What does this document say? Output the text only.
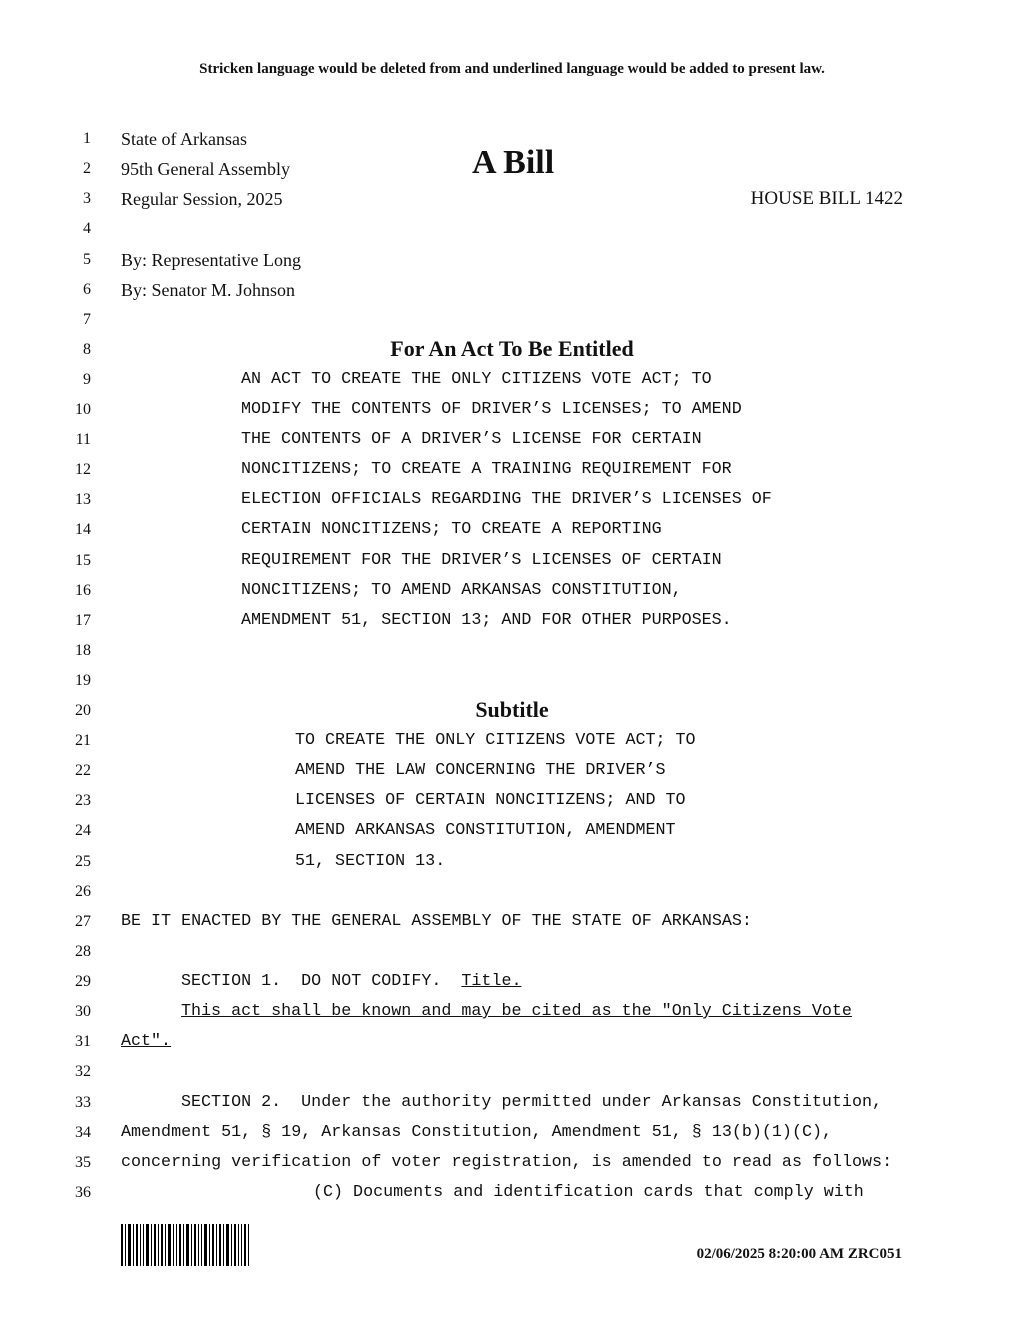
Stricken language would be deleted from and underlined language would be added to present law.
1
2
3
4
5
6
7
8
9
10
11
12
13
14
15
16
17
18
19
20
21
22
23
24
25
26
27
28
29
30
31
32
33
34
35
36
State of Arkansas
95th General Assembly
Regular Session, 2025
A Bill
HOUSE BILL 1422
By: Representative Long
By: Senator M. Johnson
For An Act To Be Entitled
AN ACT TO CREATE THE ONLY CITIZENS VOTE ACT; TO
MODIFY THE CONTENTS OF DRIVER’S LICENSES; TO AMEND
THE CONTENTS OF A DRIVER’S LICENSE FOR CERTAIN
NONCITIZENS; TO CREATE A TRAINING REQUIREMENT FOR
ELECTION OFFICIALS REGARDING THE DRIVER’S LICENSES OF
CERTAIN NONCITIZENS; TO CREATE A REPORTING
REQUIREMENT FOR THE DRIVER’S LICENSES OF CERTAIN
NONCITIZENS; TO AMEND ARKANSAS CONSTITUTION,
AMENDMENT 51, SECTION 13; AND FOR OTHER PURPOSES.
Subtitle
TO CREATE THE ONLY CITIZENS VOTE ACT; TO
AMEND THE LAW CONCERNING THE DRIVER’S
LICENSES OF CERTAIN NONCITIZENS; AND TO
AMEND ARKANSAS CONSTITUTION, AMENDMENT
51, SECTION 13.
BE IT ENACTED BY THE GENERAL ASSEMBLY OF THE STATE OF ARKANSAS:
SECTION 1.  DO NOT CODIFY.  Title.
This act shall be known and may be cited as the "Only Citizens Vote
Act".
SECTION 2.  Under the authority permitted under Arkansas Constitution,
Amendment 51, § 19, Arkansas Constitution, Amendment 51, § 13(b)(1)(C),
concerning verification of voter registration, is amended to read as follows:
(C) Documents and identification cards that comply with
02/06/2025 8:20:00 AM ZRC051
